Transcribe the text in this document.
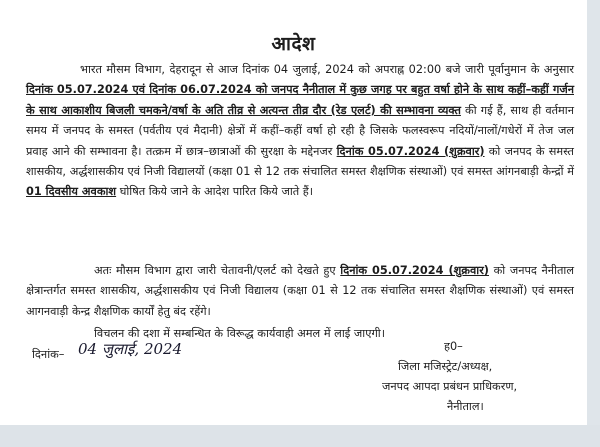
आदेश
भारत मौसम विभाग, देहरादून से आज दिनांक 04 जुलाई, 2024 को अपराह्न 02:00 बजे जारी पूर्वानुमान के अनुसार दिनांक 05.07.2024 एवं दिनांक 06.07.2024 को जनपद नैनीताल में कुछ जगह पर बहुत वर्षा होने के साथ कहीं–कहीं गर्जन के साथ आकाशीय बिजली चमकने/वर्षा के अति तीव्र से अत्यन्त तीव्र दौर (रेड एलर्ट) की सम्भावना व्यक्त की गई हैं, साथ ही वर्तमान समय में जनपद के समस्त (पर्वतीय एवं मैदानी) क्षेत्रों में कहीं–कहीं वर्षा हो रही है जिसके फलस्वरूप नदियों/नालों/गधेरों में तेज जल प्रवाह आने की सम्भावना है। तत्क्रम में छात्र–छात्राओं की सुरक्षा के मद्देनजर दिनांक 05.07.2024 (शुक्रवार) को जनपद के समस्त शासकीय, अर्द्धशासकीय एवं निजी विद्यालयों (कक्षा 01 से 12 तक संचालित समस्त शैक्षणिक संस्थाओं) एवं समस्त आंगनबाड़ी केन्द्रों में 01 दिवसीय अवकाश घोषित किये जाने के आदेश पारित किये जाते हैं।
अतः मौसम विभाग द्वारा जारी चेतावनी/एलर्ट को देखते हुए दिनांक 05.07.2024 (शुक्रवार) को जनपद नैनीताल क्षेत्रान्तर्गत समस्त शासकीय, अर्द्धशासकीय एवं निजी विद्यालय (कक्षा 01 से 12 तक संचालित समस्त शैक्षणिक संस्थाओं) एवं समस्त आगनवाड़ी केन्द्र शैक्षणिक कार्यों हेतु बंद रहेंगे।
विचलन की दशा में सम्बन्धित के विरूद्ध कार्यवाही अमल में लाई जाएगी।
दिनांक– 04 जुलाई, 2024	ह0–
जिला मजिस्ट्रेट/अध्यक्ष,
जनपद आपदा प्रबंधन प्राधिकरण,
नैनीताल।
